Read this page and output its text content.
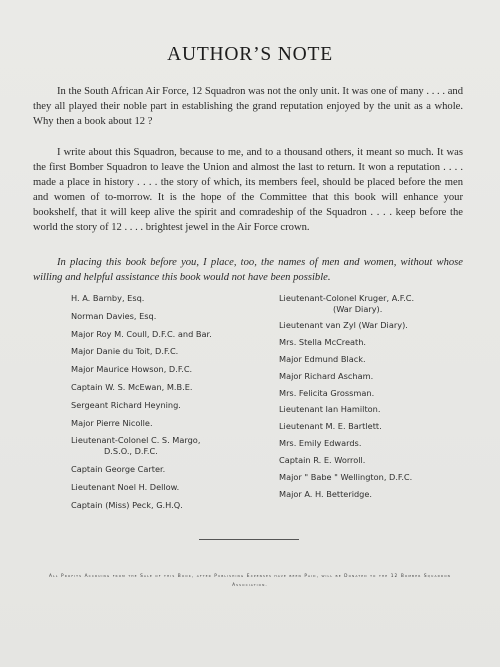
AUTHOR’S NOTE

In the South African Air Force, 12 Squadron was not the only unit. It was one of many . . . . and they all played their noble part in establishing the grand reputation enjoyed by the unit as a whole. Why then a book about 12 ?

I write about this Squadron, because to me, and to a thousand others, it meant so much. It was the first Bomber Squadron to leave the Union and almost the last to return. It won a reputation . . . . made a place in history . . . . the story of which, its members feel, should be placed before the men and women of to-morrow. It is the hope of the Committee that this book will enhance your bookshelf, that it will keep alive the spirit and comradeship of the Squadron . . . . keep before the world the story of 12 . . . . brightest jewel in the Air Force crown.

In placing this book before you, I place, too, the names of men and women, without whose willing and helpful assistance this book would not have been possible.

H. A. Barnby, Esq.
Norman Davies, Esq.
Major Roy M. Coull, D.F.C. and Bar.
Major Danie du Toit, D.F.C.
Major Maurice Howson, D.F.C.
Captain W. S. McEwan, M.B.E.
Sergeant Richard Heyning.
Major Pierre Nicolle.
Lieutenant-Colonel C. S. Margo,
D.S.O., D.F.C.
Captain George Carter.
Lieutenant Noel H. Dellow.
Captain (Miss) Peck, G.H.Q.
Lieutenant-Colonel Kruger, A.F.C.
(War Diary).
Lieutenant van Zyl (War Diary).
Mrs. Stella McCreath.
Major Edmund Black.
Major Richard Ascham.
Mrs. Felicita Grossman.
Lieutenant Ian Hamilton.
Lieutenant M. E. Bartlett.
Mrs. Emily Edwards.
Captain R. E. Worroll.
Major " Babe " Wellington, D.F.C.
Major A. H. Betteridge.
All Profits Accruing from the Sale of this Book, after Publishing Expenses have been Paid, will be Donated to the 12 Bomber Squadron Association.
